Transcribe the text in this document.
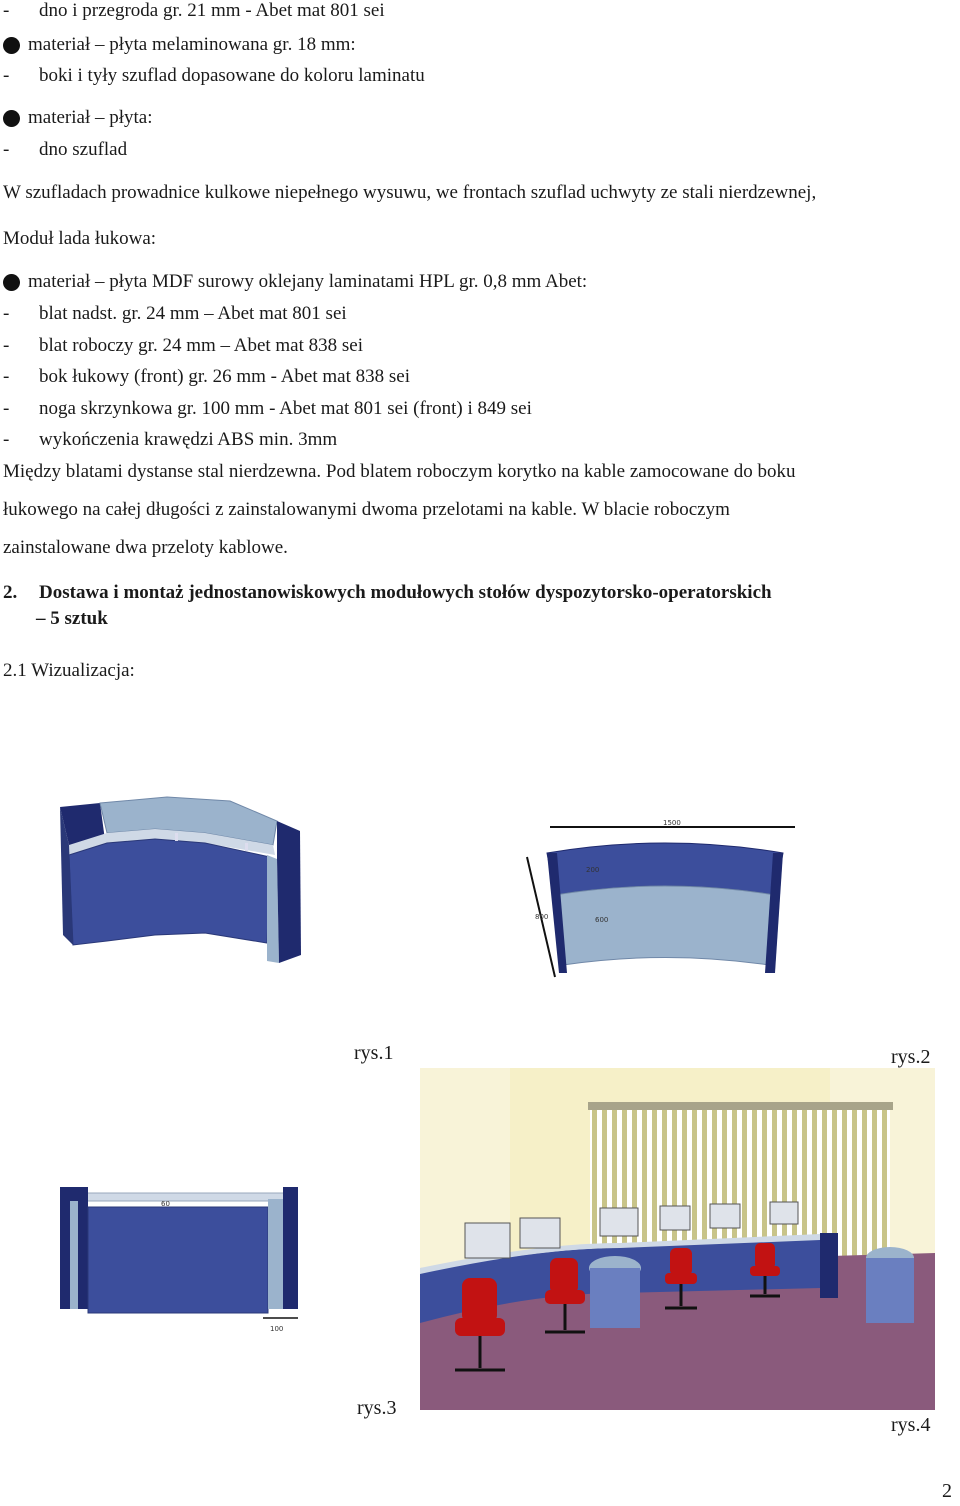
- dno i przegroda gr. 21 mm - Abet mat 801 sei
materiał – płyta melaminowana gr. 18 mm:
- boki i tyły szuflad dopasowane do koloru laminatu
materiał – płyta:
- dno szuflad
W szufladach prowadnice kulkowe niepełnego wysuwu, we frontach szuflad uchwyty ze stali nierdzewnej,
Moduł lada łukowa:
materiał – płyta MDF surowy oklejany laminatami HPL gr. 0,8 mm Abet:
- blat nadst. gr. 24 mm – Abet mat 801 sei
- blat roboczy gr. 24 mm – Abet mat 838 sei
- bok łukowy (front) gr. 26 mm - Abet mat 838 sei
- noga skrzynkowa gr. 100 mm - Abet mat 801 sei (front) i 849 sei
- wykończenia krawędzi ABS min. 3mm
Między blatami dystanse stal nierdzewna. Pod blatem roboczym korytko na kable zamocowane do boku
łukowego na całej długości z zainstalowanymi dwoma przelotami na kable. W blacie roboczym
zainstalowane dwa przeloty kablowe.
2. Dostawa i montaż jednostanowiskowych modułowych stołów dyspozytorsko-operatorskich
– 5 sztuk
2.1 Wizualizacja:
1500
200
800	600
rys.1	rys.2
60
100
rys.3
rys.4
2
